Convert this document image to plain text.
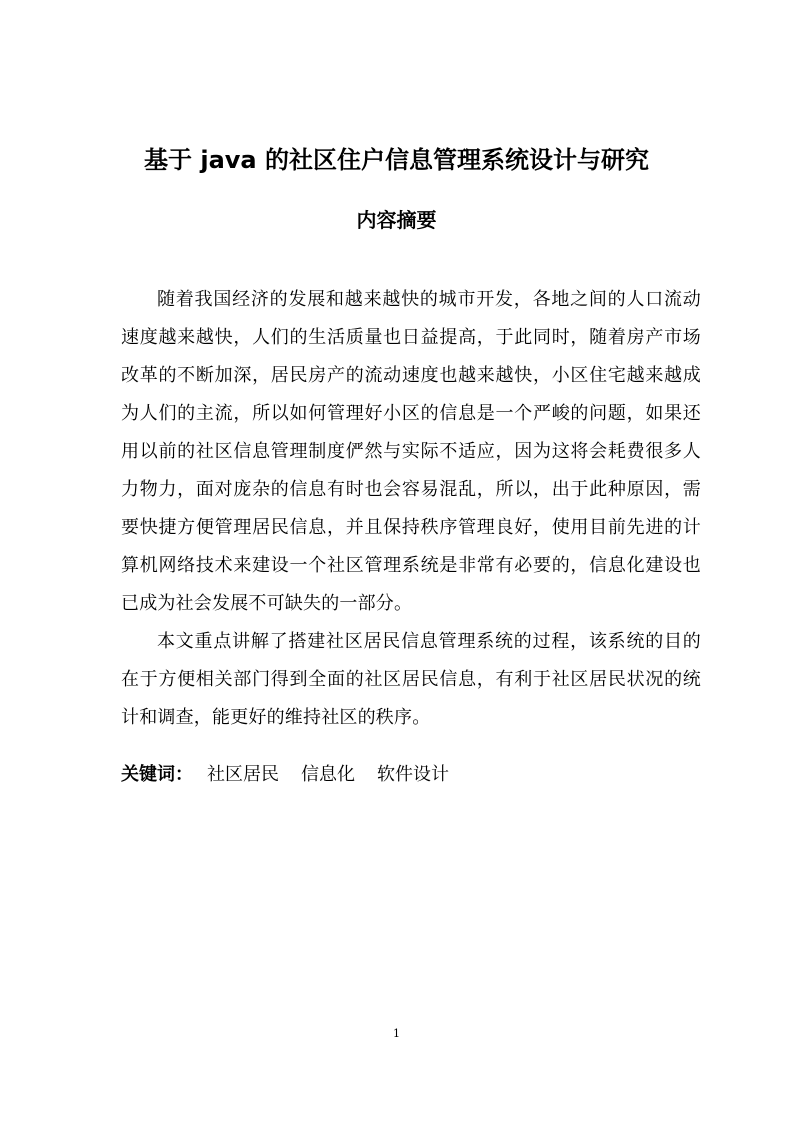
基于 java 的社区住户信息管理系统设计与研究
内容摘要

随着我国经济的发展和越来越快的城市开发，各地之间的人口流动速度越来越快，人们的生活质量也日益提高，于此同时，随着房产市场改革的不断加深，居民房产的流动速度也越来越快，小区住宅越来越成为人们的主流，所以如何管理好小区的信息是一个严峻的问题，如果还用以前的社区信息管理制度俨然与实际不适应，因为这将会耗费很多人力物力，面对庞杂的信息有时也会容易混乱，所以，出于此种原因，需要快捷方便管理居民信息，并且保持秩序管理良好，使用目前先进的计算机网络技术来建设一个社区管理系统是非常有必要的，信息化建设也已成为社会发展不可缺失的一部分。

本文重点讲解了搭建社区居民信息管理系统的过程，该系统的目的在于方便相关部门得到全面的社区居民信息，有利于社区居民状况的统计和调查，能更好的维持社区的秩序。

关键词： 社区居民 信息化 软件设计
1
